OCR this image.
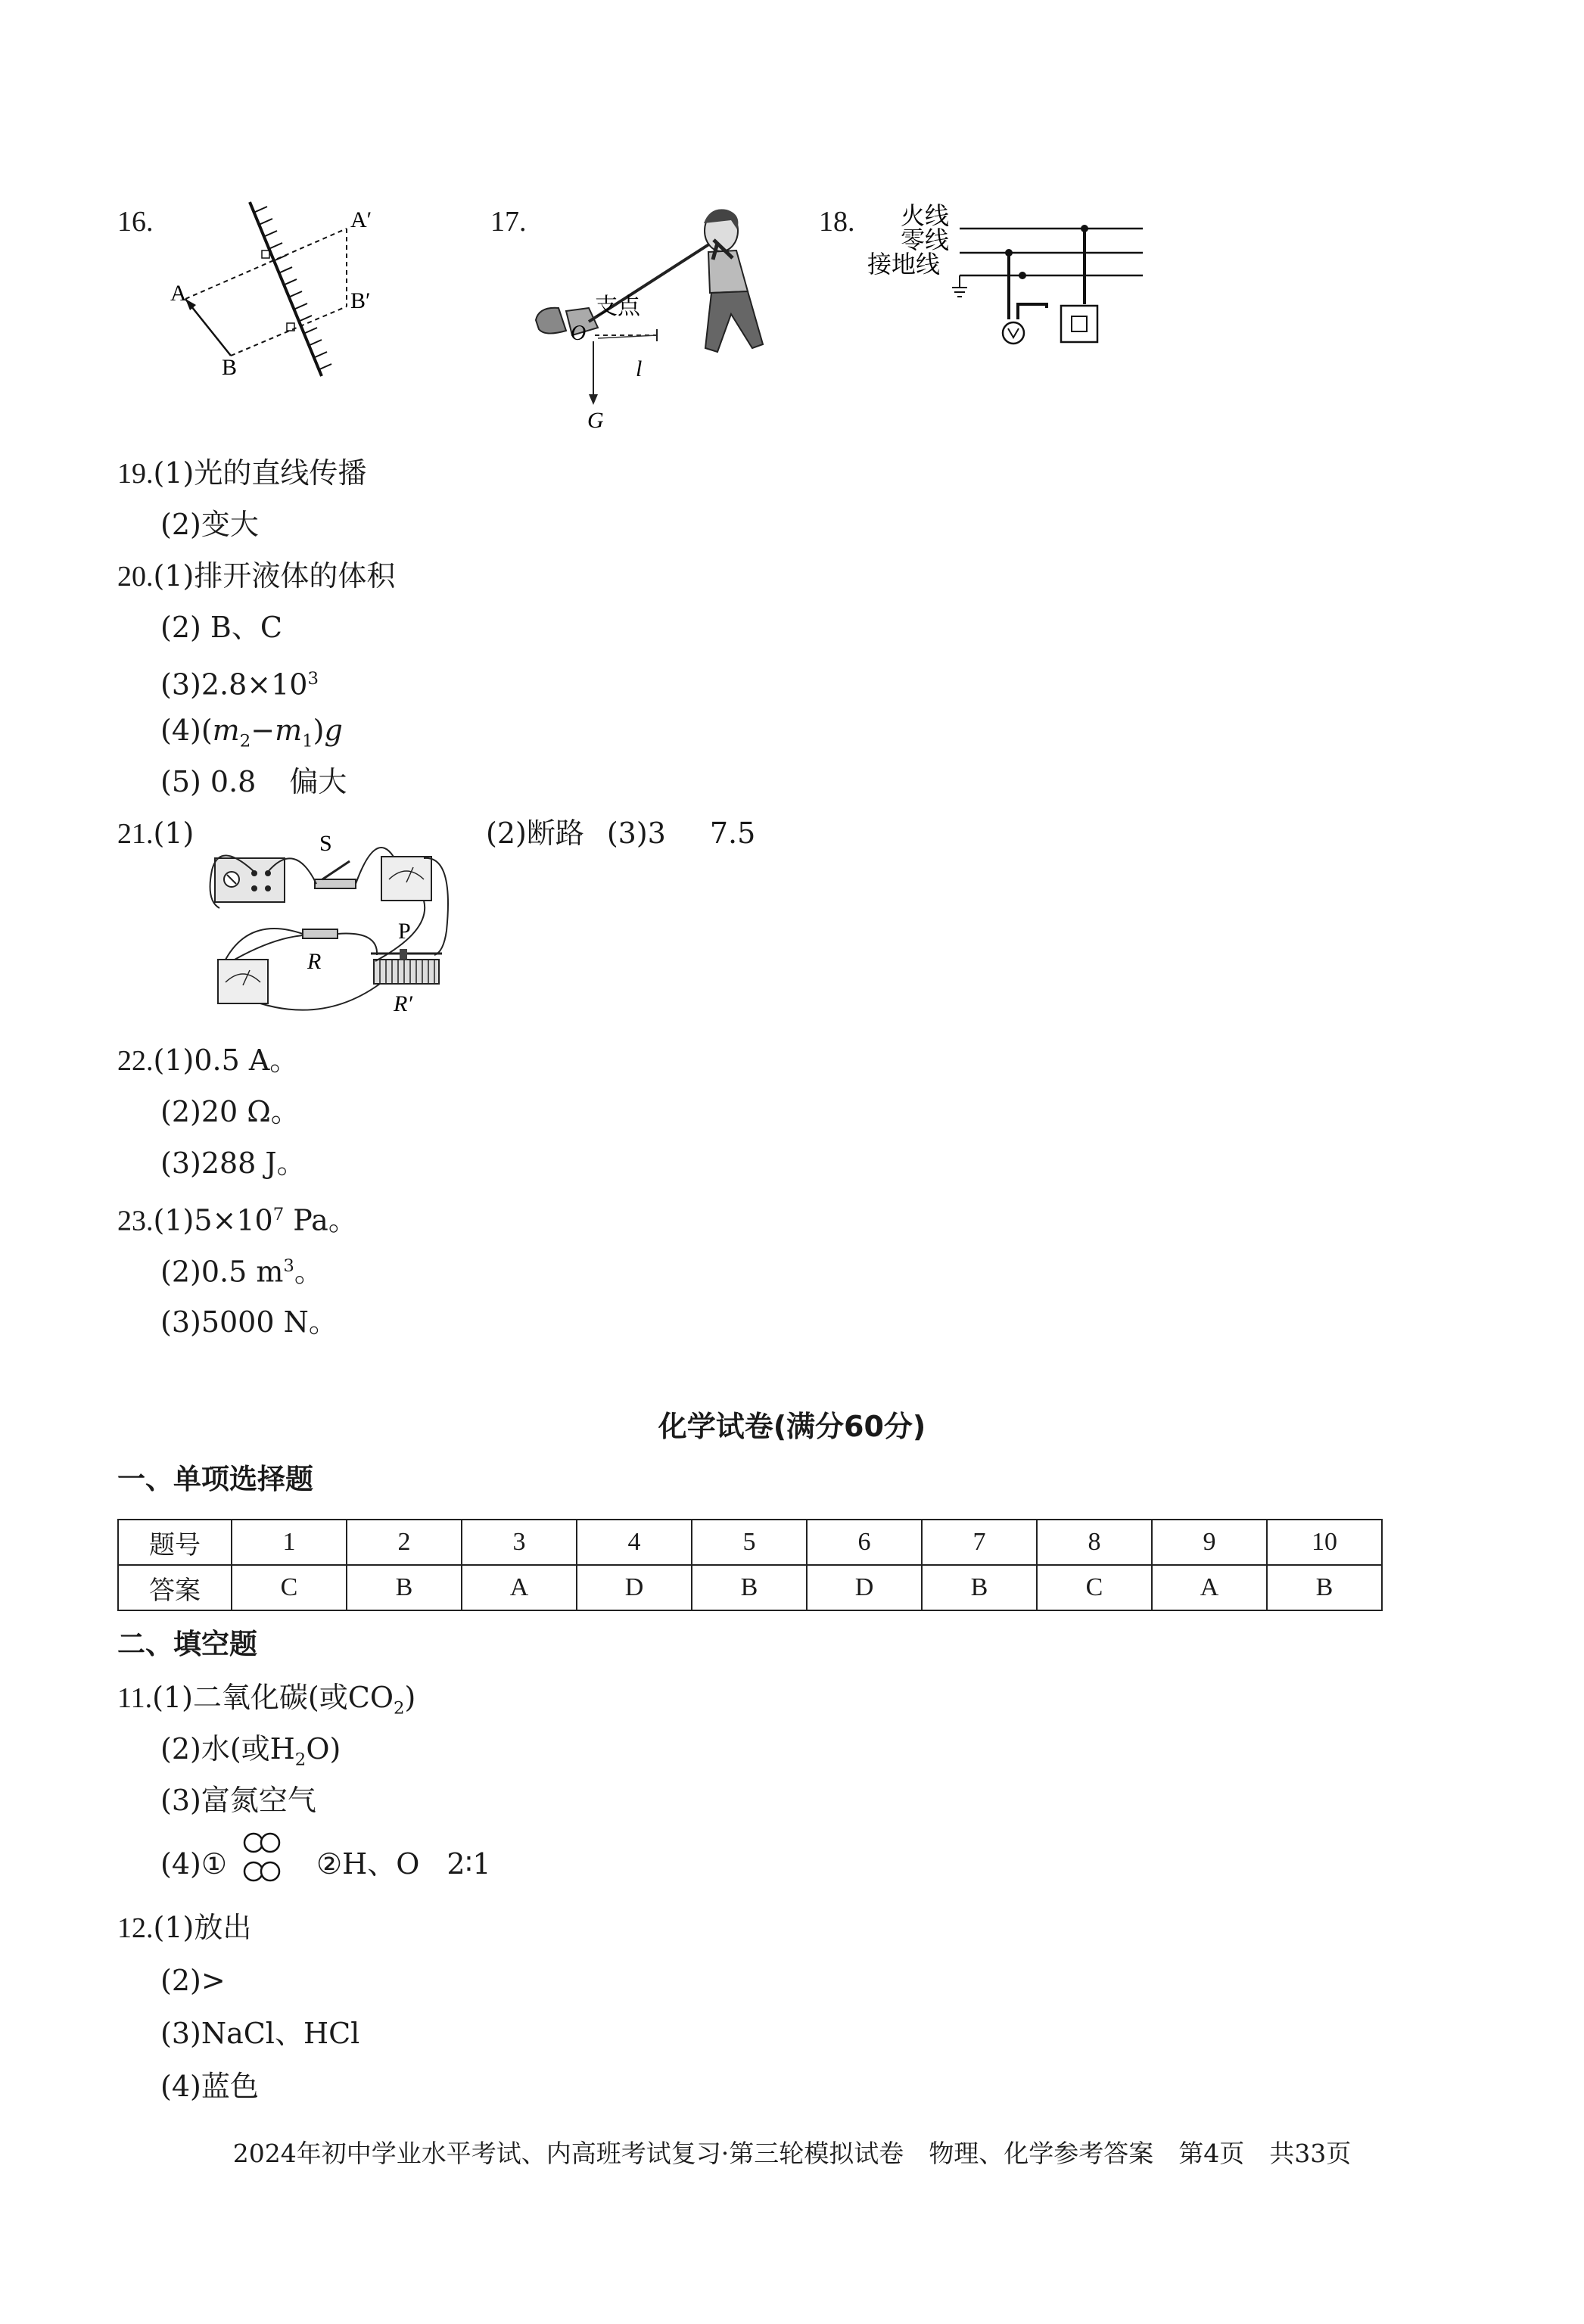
16.
A
B
A′
B′
17.
O
支点
l
G
18. 火线
零线
接地线
19.(1)光的直线传播
(2)变大
20.(1)排开液体的体积
(2) B、C
$(3)2.8\times 10^3$
$(4)(m_2-m_1)g$
(5) 0.8 偏大
21.(1)	(2)断路 (3)3 7.5
S
R
P
R′
22.(1)0.5 A。
(2)20 Ω。
(3)288 J。
$23.(1)5\times 10^7$ Pa。
(2)0.5 $m^3$。
(3)5000 N。
化学试卷(满分60分)
一、单项选择题
题号	1	2	3	4	5	6	7	8	9	10
答案	C	B	A	D	B	D	B	C	A	B
二、填空题
11.(1)二氧化碳(或$CO_2$)
(2)水(或$H_2O$)
(3)富氮空气
(4)①	②H、O 2∶1
12.(1)放出
(2)>
(3)NaCl、HCl
(4)蓝色
2024年初中学业水平考试、内高班考试复习·第三轮模拟试卷　物理、化学参考答案　第4页　共33页
